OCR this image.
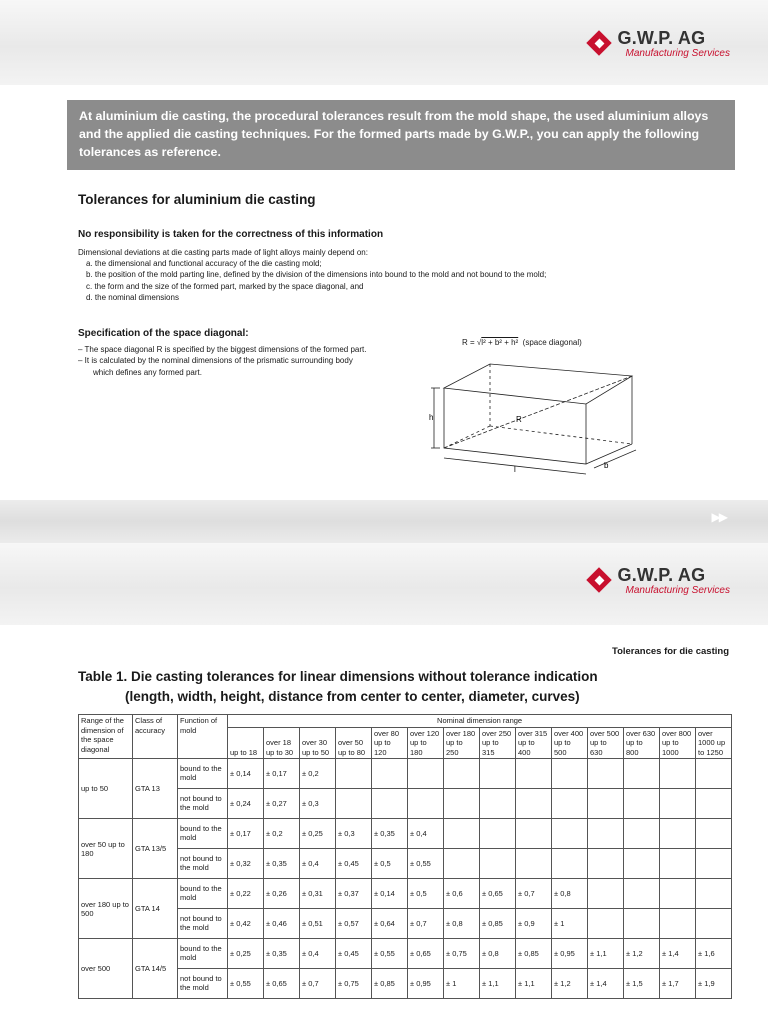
G.W.P. AG
Manufacturing Services
At aluminium die casting, the procedural tolerances result from the mold shape, the used aluminium alloys and the applied die casting techniques. For the formed parts made by G.W.P., you can apply the following tolerances as reference.
Tolerances for aluminium die casting
No responsibility is taken for the correctness of this information
Dimensional deviations at die casting parts made of light alloys mainly depend on:
a. the dimensional and functional accuracy of the die casting mold;
b. the position of the mold parting line, defined by the division of the dimensions into bound to the mold and not bound to the mold;
c. the form and the size of the formed part, marked by the space diagonal, and
d. the nominal dimensions
Specification of the space diagonal:
– The space diagonal R is specified by the biggest dimensions of the formed part.
– It is calculated by the nominal dimensions of the prismatic surrounding body
which defines any formed part.
R = √l² + b² + h² (space diagonal)
h
l	b
R
▶▶
G.W.P. AG
Manufacturing Services
Tolerances for die casting
Table 1. Die casting tolerances for linear dimensions without tolerance indication
(length, width, height, distance from center to center, diameter, curves)
Range of the dimension of the space diagonal	Class of accuracy	Function of mold	Nominal dimension range													
			up to 18	over 18 up to 30	over 30 up to 50	over 50 up to 80	over 80 up to 120	over 120 up to 180	over 180 up to 250	over 250 up to 315	over 315 up to 400	over 400 up to 500	over 500 up to 630	over 630 up to 800	over 800 up to 1000	over 1000 up to 1250
up to 50	GTA 13	bound to the mold	± 0,14	± 0,17	± 0,2											
		not bound to the mold	± 0,24	± 0,27	± 0,3											
over 50 up to 180	GTA 13/5	bound to the mold	± 0,17	± 0,2	± 0,25	± 0,3	± 0,35	± 0,4								
		not bound to the mold	± 0,32	± 0,35	± 0,4	± 0,45	± 0,5	± 0,55								
over 180 up to 500	GTA 14	bound to the mold	± 0,22	± 0,26	± 0,31	± 0,37	± 0,14	± 0,5	± 0,6	± 0,65	± 0,7	± 0,8				
		not bound to the mold	± 0,42	± 0,46	± 0,51	± 0,57	± 0,64	± 0,7	± 0,8	± 0,85	± 0,9	± 1				
over 500	GTA 14/5	bound to the mold	± 0,25	± 0,35	± 0,4	± 0,45	± 0,55	± 0,65	± 0,75	± 0,8	± 0,85	± 0,95	± 1,1	± 1,2	± 1,4	± 1,6
		not bound to the mold	± 0,55	± 0,65	± 0,7	± 0,75	± 0,85	± 0,95	± 1	± 1,1	± 1,1	± 1,2	± 1,4	± 1,5	± 1,7	± 1,9
